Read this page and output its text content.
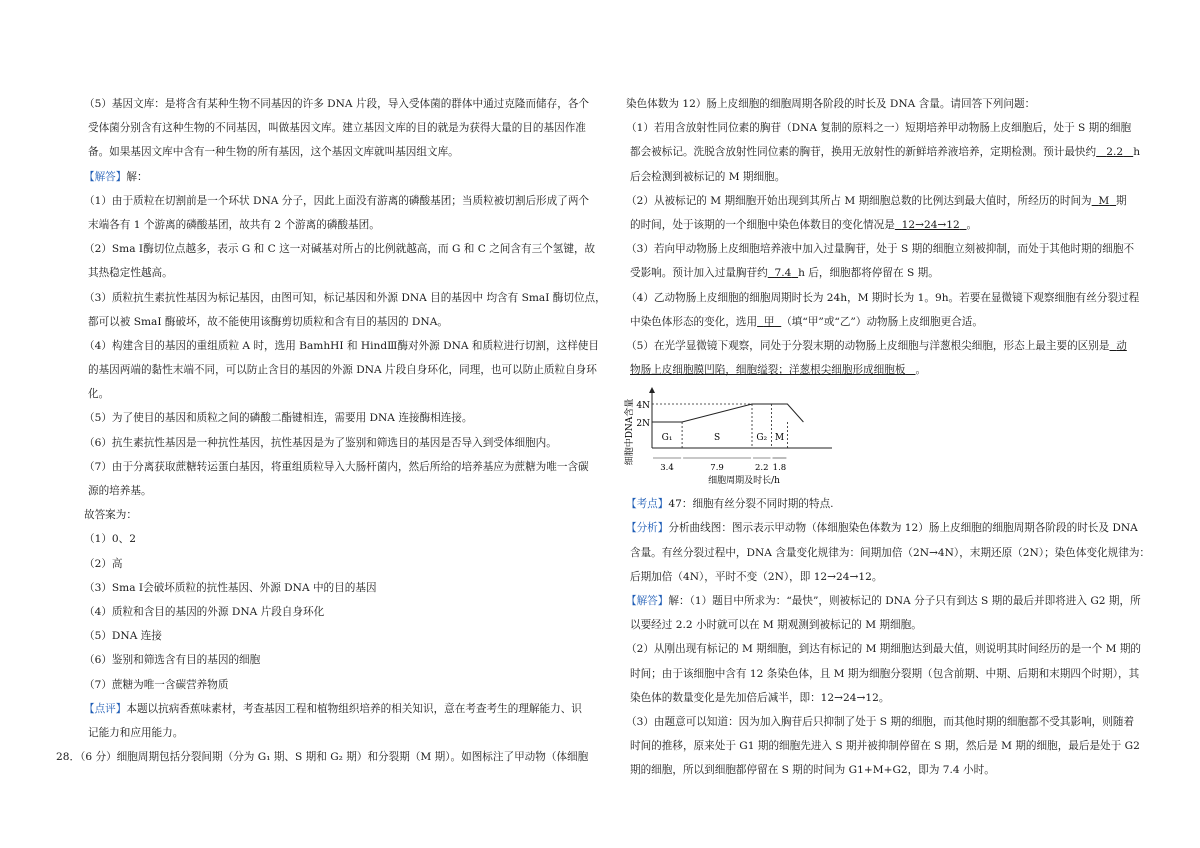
（5）基因文库：是将含有某种生物不同基因的许多 DNA 片段，导入受体菌的群体中通过克隆而储存，各个
受体菌分别含有这种生物的不同基因，叫做基因文库。建立基因文库的目的就是为获得大量的目的基因作准
备。如果基因文库中含有一种生物的所有基因，这个基因文库就叫基因组文库。
【解答】解：
（1）由于质粒在切割前是一个环状 DNA 分子，因此上面没有游离的磷酸基团；当质粒被切割后形成了两个
末端各有 1 个游离的磷酸基团，故共有 2 个游离的磷酸基团。
（2）Sma Ⅰ酶切位点越多，表示 G 和 C 这一对碱基对所占的比例就越高，而 G 和 C 之间含有三个氢键，故
其热稳定性越高。
（3）质粒抗生素抗性基因为标记基因，由图可知，标记基因和外源 DNA 目的基因中 均含有 SmaI 酶切位点，
都可以被 SmaI 酶破坏，故不能使用该酶剪切质粒和含有目的基因的 DNA。
（4）构建含目的基因的重组质粒 A 时，选用 BamhHI 和 HindⅢ酶对外源 DNA 和质粒进行切割，这样使目
的基因两端的黏性末端不同，可以防止含目的基因的外源 DNA 片段自身环化，同理，也可以防止质粒自身环
化。
（5）为了使目的基因和质粒之间的磷酸二酯键相连，需要用 DNA 连接酶相连接。
（6）抗生素抗性基因是一种抗性基因，抗性基因是为了鉴别和筛选目的基因是否导入到受体细胞内。
（7）由于分离获取蔗糖转运蛋白基因，将重组质粒导入大肠杆菌内，然后所给的培养基应为蔗糖为唯一含碳
源的培养基。
故答案为：
（1）0、2
（2）高
（3）Sma Ⅰ会破坏质粒的抗性基因、外源 DNA 中的目的基因
（4）质粒和含目的基因的外源 DNA 片段自身环化
（5）DNA 连接
（6）鉴别和筛选含有目的基因的细胞
（7）蔗糖为唯一含碳营养物质
【点评】本题以抗病香蕉味素材，考查基因工程和植物组织培养的相关知识，意在考查考生的理解能力、识
记能力和应用能力。
28．（6 分）细胞周期包括分裂间期（分为 G₁ 期、S 期和 G₂ 期）和分裂期（M 期）。如图标注了甲动物（体细胞
染色体数为 12）肠上皮细胞的细胞周期各阶段的时长及 DNA 含量。请回答下列问题：
（1）若用含放射性同位素的胸苷（DNA 复制的原料之一）短期培养甲动物肠上皮细胞后，处于 S 期的细胞
都会被标记。洗脱含放射性同位素的胸苷，换用无放射性的新鲜培养液培养，定期检测。预计最快约 2.2 h
后会检测到被标记的 M 期细胞。
（2）从被标记的 M 期细胞开始出现到其所占 M 期细胞总数的比例达到最大值时，所经历的时间为 M 期
的时间，处于该期的一个细胞中染色体数目的变化情况是 12→24→12 。
（3）若向甲动物肠上皮细胞培养液中加入过量胸苷，处于 S 期的细胞立刻被抑制，而处于其他时期的细胞不
受影响。预计加入过量胸苷约 7.4 h 后，细胞都将停留在 S 期。
（4）乙动物肠上皮细胞的细胞周期时长为 24h，M 期时长为 1。9h。若要在显微镜下观察细胞有丝分裂过程
中染色体形态的变化，选用 甲 （填“甲”或“乙”）动物肠上皮细胞更合适。
（5）在光学显微镜下观察，同处于分裂末期的动物肠上皮细胞与洋葱根尖细胞，形态上最主要的区别是 动
物肠上皮细胞膜凹陷，细胞缢裂；洋葱根尖细胞形成细胞板 。
细胞中DNA含量 4N
2N
G₁
3.4
S
7.9
G₂
2.2
M
1.8
细胞周期及时长/h
【考点】47：细胞有丝分裂不同时期的特点.
【分析】分析曲线图：图示表示甲动物（体细胞染色体数为 12）肠上皮细胞的细胞周期各阶段的时长及 DNA
含量。有丝分裂过程中，DNA 含量变化规律为：间期加倍（2N→4N），末期还原（2N）；染色体变化规律为：
后期加倍（4N），平时不变（2N），即 12→24→12。
【解答】解：（1）题目中所求为：“最快”，则被标记的 DNA 分子只有到达 S 期的最后并即将进入 G2 期，所
以要经过 2.2 小时就可以在 M 期观测到被标记的 M 期细胞。
（2）从刚出现有标记的 M 期细胞，到达有标记的 M 期细胞达到最大值，则说明其时间经历的是一个 M 期的
时间；由于该细胞中含有 12 条染色体，且 M 期为细胞分裂期（包含前期、中期、后期和末期四个时期），其
染色体的数量变化是先加倍后减半，即：12→24→12。
（3）由题意可以知道：因为加入胸苷后只抑制了处于 S 期的细胞，而其他时期的细胞都不受其影响，则随着
时间的推移，原来处于 G1 期的细胞先进入 S 期并被抑制停留在 S 期，然后是 M 期的细胞，最后是处于 G2
期的细胞，所以到细胞都停留在 S 期的时间为 G1+M+G2，即为 7.4 小时。
